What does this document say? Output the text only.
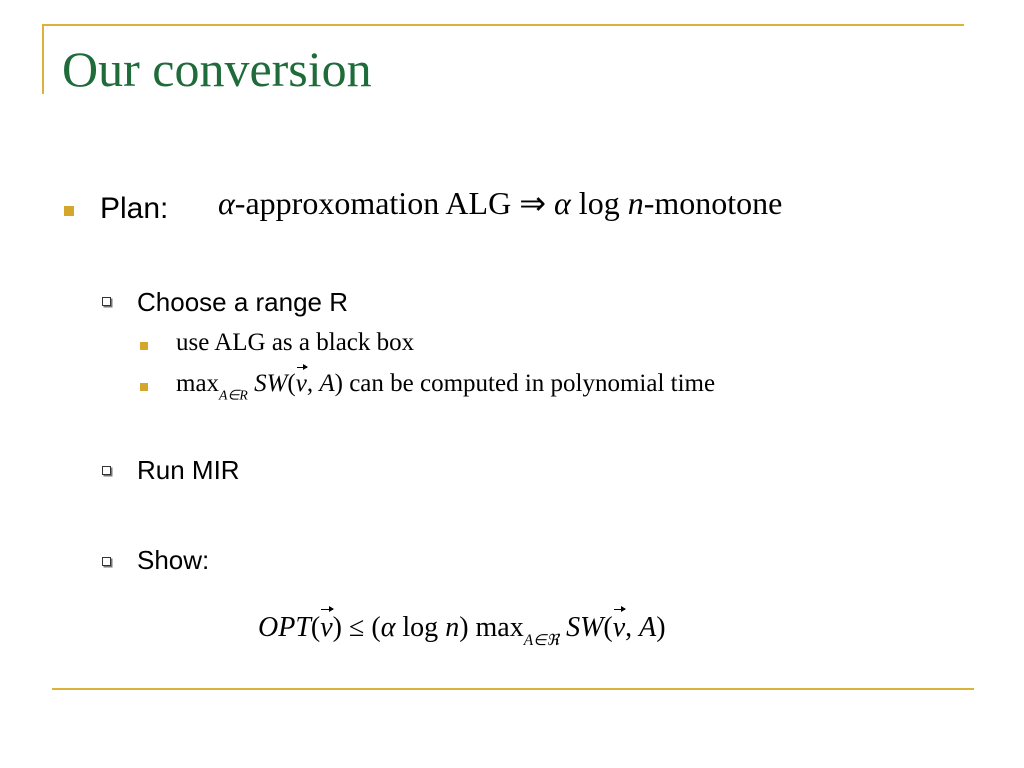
Our conversion
Plan: α-approxomation ALG ⇒ α log n-monotone
Choose a range R
use ALG as a black box
$\max_{A\in R} SW(v$, A) can be computed in polynomial time
Run MIR
Show:
OPT(v) ≤ (α log n) $\max_{A\in ℜ} SW(v$, A)
